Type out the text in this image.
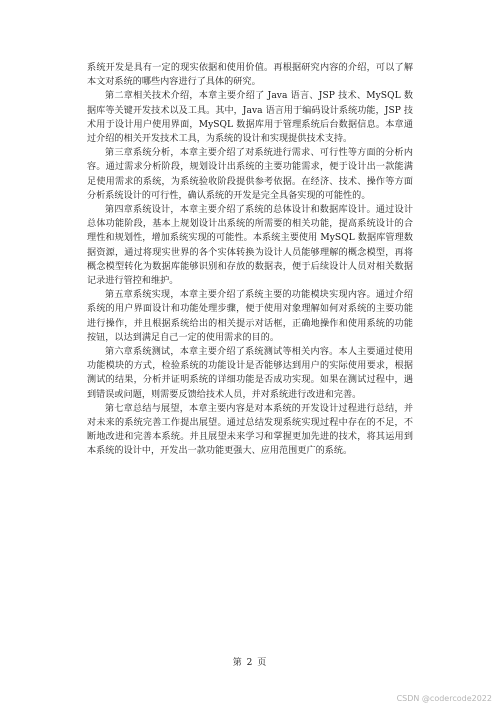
系统开发是具有一定的现实依据和使用价值。再根据研究内容的介绍，可以了解本文对系统的哪些内容进行了具体的研究。

第二章相关技术介绍，本章主要介绍了 Java 语言、JSP 技术、MySQL 数据库等关键开发技术以及工具。其中，Java 语言用于编码设计系统功能，JSP 技术用于设计用户使用界面，MySQL 数据库用于管理系统后台数据信息。本章通过介绍的相关开发技术工具，为系统的设计和实现提供技术支持。

第三章系统分析，本章主要介绍了对系统进行需求、可行性等方面的分析内容。通过需求分析阶段，规划设计出系统的主要功能需求，便于设计出一款能满足使用需求的系统，为系统验收阶段提供参考依据。在经济、技术、操作等方面分析系统设计的可行性，确认系统的开发是完全具备实现的可能性的。

第四章系统设计，本章主要介绍了系统的总体设计和数据库设计。通过设计总体功能阶段，基本上规划设计出系统的所需要的相关功能，提高系统设计的合理性和规划性，增加系统实现的可能性。本系统主要使用 MySQL 数据库管理数据资源，通过将现实世界的各个实体转换为设计人员能够理解的概念模型，再将概念模型转化为数据库能够识别和存放的数据表，便于后续设计人员对相关数据记录进行管控和维护。

第五章系统实现，本章主要介绍了系统主要的功能模块实现内容。通过介绍系统的用户界面设计和功能处理步骤，便于使用对象理解如何对系统的主要功能进行操作，并且根据系统给出的相关提示对话框，正确地操作和使用系统的功能按钮，以达到满足自己一定的使用需求的目的。

第六章系统测试，本章主要介绍了系统测试等相关内容。本人主要通过使用功能模块的方式，检验系统的功能设计是否能够达到用户的实际使用要求，根据测试的结果，分析并证明系统的详细功能是否成功实现。如果在测试过程中，遇到错误或问题，则需要反馈给技术人员，并对系统进行改进和完善。

第七章总结与展望，本章主要内容是对本系统的开发设计过程进行总结，并对未来的系统完善工作提出展望。通过总结发现系统实现过程中存在的不足，不断地改进和完善本系统。并且展望未来学习和掌握更加先进的技术，将其运用到本系统的设计中，开发出一款功能更强大、应用范围更广的系统。

第 2 页
CSDN @codercode2022
